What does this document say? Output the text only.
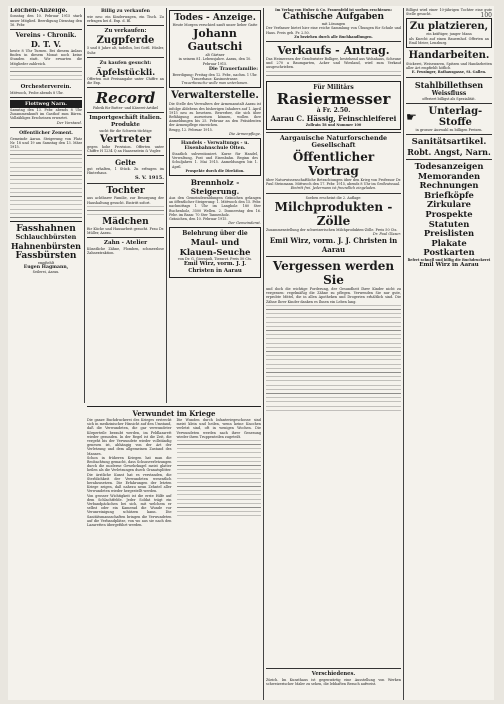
100
Leichen-Anzeige.
Sonntag den 10. Februar 1915 starb unser Mitglied. Beerdigung Dienstag den 16. Febr.
Vereins - Chronik.
D. T. V.
heute 8 Uhr Turnen. Bei diesem Anlass finden in diesem Monat noch keine Stunden statt. Wir erwarten die Mitglieder zahlreich.
Orchesterverein.
Mittwoch, Probe abends 8 Uhr.
Flottweg Narn.
Samstag den 13. Febr. abends 8 Uhr Zusammenkunft im Gasthof zum Bären. Vollzähliges Erscheinen erwartet.
Der Vorstand.
Offentlicher Zement.
Gemeinde Aarau. Steigerung von Platz Nr. 18 und 19 am Samstag den 13. März 1915.
Fasshahnen
Schlauchbürsten
Hahnenbürsten
Fassbürsten
empfiehlt
Eugen Hagmann,
Seilerei, Aarau.
Billig zu verkaufen
wie neu: ein Kinderwagen, ein Tisch. Zu erfragen bei d. Exp. d. Bl.
Zu verkaufen:
Zugpferde
5 und 8 Jahre alt, tadellos, bei Gottl. Hüsler, Suhr.
Zu kaufen gesucht:
Äpfelstückli.
Offerten mit Preisangabe unter Chiffre an die Exp.
Record
Fabrik für Butter- und Käserei-Artikel
Importgeschäft italien. Produkte
sucht für die Schweiz tüchtige
Vertreter
gegen hohe Provision. Offerten unter Chiffre H 1234 Q an Haasenstein & Vogler.
Gelte
gut erhalten, 1 Stück. Zu erfragen im Hinterhaus.
S. V. 1915.
Tochter
aus achtbarer Familie, zur Besorgung der Haushaltung gesucht. Eintritt sofort.
Mädchen
für Küche und Hausarbeit gesucht. Frau Dr. Müller, Aarau.
Zahn - Atelier
Künstliche Zähne, Plomben, schmerzlose Zahnextraktion.
Todes - Anzeige.
Heute Morgen verschied sanft unser lieber Gatte
Johann Gautschi
alt Gärtner
in seinem 81. Lebensjahre. Aarau, den 10. Februar 1915.
Die Trauerfamilie:
Beerdigung: Freitag den 12. Febr., nachm. 1 Uhr. Trauerhaus: Kasinostrasse.
Trauerbesuche wolle man unterlassen.
Verwalterstelle.
Die Stelle des Verwalters der Armenanstalt Aarau ist infolge Ablebens des bisherigen Inhabers auf 1. April 1915 neu zu besetzen. Bewerber, die sich über Befähigung ausweisen können, wollen ihre Anmeldungen bis 25. Februar an den Präsidenten der Armenpflege einreichen.
Brugg, 12. Februar 1915.
Die Armenpflege.
Handels - Verwaltungs - u. Eisenbahnschule Olten.
Staatlich subventioniert. Kurse für Handel, Verwaltung, Post und Eisenbahn. Beginn des Schuljahres 1. Mai 1915. Anmeldungen bis 1. April.
Prospekte durch die Direktion.
Brennholz - Steigerung.
Aus den Gemeindewaldungen Gränichen gelangen an öffentlicher Steigerung: 1. Mittwoch den 15. Febr. nachmittags 1 Uhr im Langholz: 180 Ster Buchenholz, 3500 Wellen. 2. Donnerstag den 16. Febr. im Bann: 70 Ster Tannenholz.
Gränichen, den 10. Februar 1915.
Der Gemeinderat.
Belehrung über die
Maul- und Klauen-Seuche
von Dr. G. Giovanoli, Tierarzt. Preis 50 Cts.
Emil Wirz, vorm. J. J. Christen in Aarau
Verwundet im Kriege
Die ganze Buchdruckerei des Krieges erstreckt sich in medizinischer Hinsicht auf den Umstand, daß die Verwundeten, die gar verwundeter Körperteile beraubt werden, im Feldlazarett wieder gesunden. In der Regel ist die Zeit, die vergeht bis der Verwundete wieder vollständig genesen ist, abhängig von der Art der Verletzung und dem allgemeinen Zustand des Mannes.
Schon in früheren Kriegen hat man die Beobachtung gemacht, dass Schussverletzungen durch die moderne Gewehrkugel meist glatter heilen als die Verletzungen durch Granatsplitter. Die ärztliche Kunst hat es verstanden, die Sterblichkeit der Verwundeten wesentlich herabzusetzen. Die Erfahrungen der letzten Kriege zeigen, daß nahezu neun Zehntel aller Verwundeten wieder hergestellt werden.
Von grosser Wichtigkeit ist die erste Hilfe auf dem Schlachtfelde. Jeder Soldat trägt ein Verbandpäckchen bei sich, mit welchem er selbst oder ein Kamerad die Wunde vor Verunreinigung schützen kann. Die Sanitätsmannschaften bringen die Verwundeten auf die Verbandplätze, von wo aus sie nach den Lazaretten übergeführt werden.
Die Wunden durch Infanteriegeschosse sind meist klein und heilen, wenn keine Knochen verletzt sind, oft in wenigen Wochen. Die Verwundeten werden nach ihrer Genesung wieder ihren Truppenteilen zugeteilt.
Im Verlag von Huber & Co. Frauenfeld ist soeben erschienen:
Cathische Aufgaben
mit Lösungen
Der Verfasser bietet hier eine reiche Sammlung von Übungen für Schule und Haus. Preis geb. Fr. 2.50.
Zu beziehen durch alle Buchhandlungen.
Verkaufs - Antrag.
Das Heimwesen der Geschwister Bolliger, bestehend aus Wohnhaus, Scheune und 270 a Baumgarten, Acker und Wiesland, wird zum Verkauf ausgeschrieben.
Für Militärs
Rasiermesser
à Fr. 2.50.
Aarau C. Hässig, Feinschleiferei
Zollrain 58 und Nummer 100
Aargauische Naturforschende Gesellschaft
Öffentlicher Vortrag
über Naturwissenschaftliche Betrachtungen über den Krieg von Professor Dr. Paul Steinmann. Mittwoch den 17. Febr. 1915, abends 8 Uhr im Großratssaal.
Eintritt frei. Jedermann ist freundlich eingeladen.
Soeben erscheint die 2. Auflage:
Milchprodukten - Zölle
Zusammenstellung der schweizerischen Milchprodukten-Zölle. Preis 50 Cts.
Dr. Paul Glaser.
Emil Wirz, vorm. J. J. Christen in Aarau
Vergessen werden Sie
und doch die wichtige Forderung, der Gesundheit Ihrer Kinder nicht zu vergessen: regelmäßig die Zähne zu pflegen. Verwenden Sie nur gute, erprobte Mittel, die in allen Apotheken und Drogerien erhältlich sind. Die Zähne Ihrer Kinder danken es Ihnen ein Leben lang.
Billigst wird einer 10-jährigen Tochter eine gute Stelle gesucht.
Zu platzieren,
ein kräftiger, junger Mann
als Knecht auf einen Bauernhof. Offerten an Emil Meier, Lenzburg.
Handarbeiten.
Stickerei, Weisswaren, Spitzen und Handarbeiten aller Art empfiehlt höflich
E. Feusinger, Rathausgasse, St. Gallen.
Stahlbillethsen
Weissfluss
offeriert billigst als Spezialität.
☛	Unterlag-Stoffe
in grosser Auswahl zu billigen Preisen.
Sanitätsartikel.
Robt. Angst, Narn.
Todesanzeigen
Memoranden
Rechnungen
Briefköpfe
Zirkulare
Prospekte
Statuten
Preislisten
Plakate
Postkarten
liefert schnell und billig die Buchdruckerei
Emil Wirz in Aarau
Verschiedenes.
Zürich. Im Kunsthaus ist gegenwärtig eine Ausstellung von Werken schweizerischer Maler zu sehen, die lebhaften Besuch aufweist.
